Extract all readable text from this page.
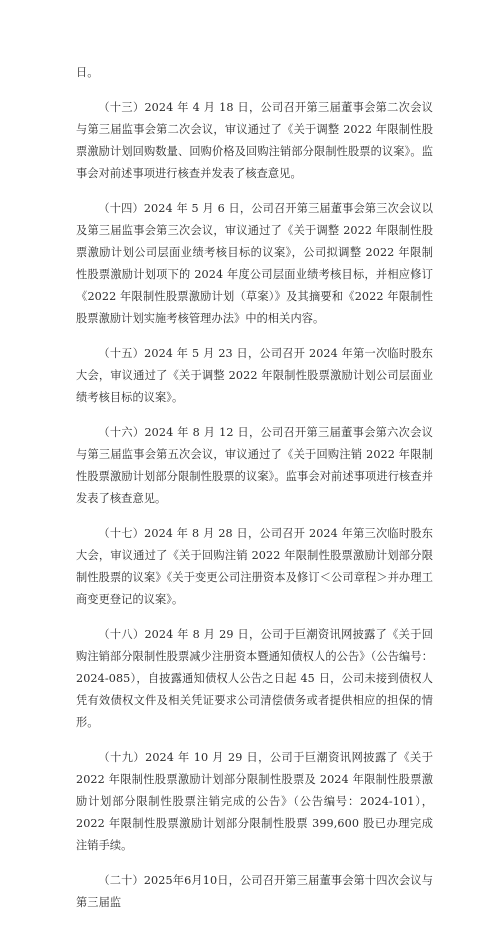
日。

（十三）2024 年 4 月 18 日，公司召开第三届董事会第二次会议与第三届监事会第二次会议，审议通过了《关于调整 2022 年限制性股票激励计划回购数量、回购价格及回购注销部分限制性股票的议案》。监事会对前述事项进行核查并发表了核查意见。

（十四）2024 年 5 月 6 日，公司召开第三届董事会第三次会议以及第三届监事会第三次会议，审议通过了《关于调整 2022 年限制性股票激励计划公司层面业绩考核目标的议案》，公司拟调整 2022 年限制性股票激励计划项下的 2024 年度公司层面业绩考核目标，并相应修订《2022 年限制性股票激励计划（草案）》及其摘要和《2022 年限制性股票激励计划实施考核管理办法》中的相关内容。

（十五）2024 年 5 月 23 日，公司召开 2024 年第一次临时股东大会，审议通过了《关于调整 2022 年限制性股票激励计划公司层面业绩考核目标的议案》。

（十六）2024 年 8 月 12 日，公司召开第三届董事会第六次会议与第三届监事会第五次会议，审议通过了《关于回购注销 2022 年限制性股票激励计划部分限制性股票的议案》。监事会对前述事项进行核查并发表了核查意见。

（十七）2024 年 8 月 28 日，公司召开 2024 年第三次临时股东大会，审议通过了《关于回购注销 2022 年限制性股票激励计划部分限制性股票的议案》《关于变更公司注册资本及修订＜公司章程＞并办理工商变更登记的议案》。

（十八）2024 年 8 月 29 日，公司于巨潮资讯网披露了《关于回购注销部分限制性股票减少注册资本暨通知债权人的公告》（公告编号：2024-085），自披露通知债权人公告之日起 45 日，公司未接到债权人凭有效债权文件及相关凭证要求公司清偿债务或者提供相应的担保的情形。

（十九）2024 年 10 月 29 日，公司于巨潮资讯网披露了《关于 2022 年限制性股票激励计划部分限制性股票及 2024 年限制性股票激励计划部分限制性股票注销完成的公告》（公告编号：2024-101），2022 年限制性股票激励计划部分限制性股票 399,600 股已办理完成注销手续。

（二十）2025年6月10日，公司召开第三届董事会第十四次会议与第三届监
